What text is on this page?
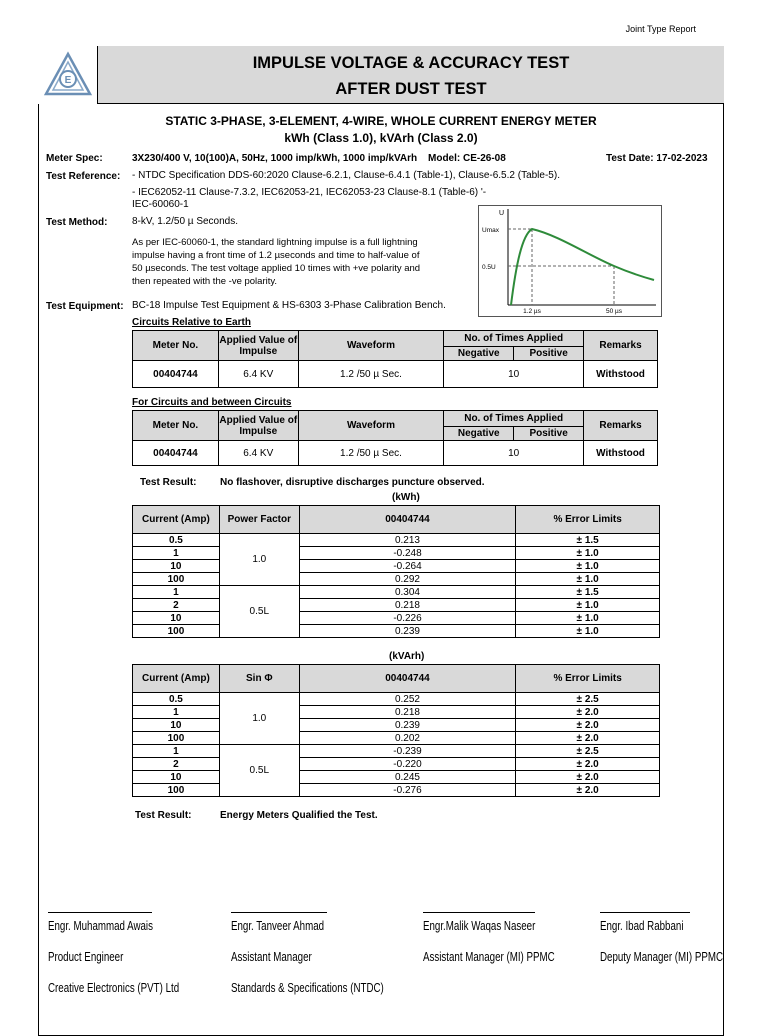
Joint Type Report
E
IMPULSE VOLTAGE & ACCURACY TEST
AFTER DUST TEST
STATIC 3-PHASE, 3-ELEMENT, 4-WIRE, WHOLE CURRENT ENERGY METER
kWh (Class 1.0), kVArh (Class 2.0)
Meter Spec:	3X230/400 V, 10(100)A, 50Hz, 1000 imp/kWh, 1000 imp/kVArh Model: CE-26-08	Test Date: 17-02-2023
Test Reference: - NTDC Specification DDS-60:2020 Clause-6.2.1, Clause-6.4.1 (Table-1), Clause-6.5.2 (Table-5).
- IEC62052-11 Clause-7.3.2, IEC62053-21, IEC62053-23 Clause-8.1 (Table-6) '-
IEC-60060-1
Test Method: 8-kV, 1.2/50 µ Seconds.
As per IEC-60060-1, the standard lightning impulse is a full lightning
impulse having a front time of 1.2 µseconds and time to half-value of
50 µseconds. The test voltage applied 10 times with +ve polarity and
then repeated with the -ve polarity.
U
Umax
0.5U
1.2 µs	50 µs
Test Equipment: BC-18 Impulse Test Equipment & HS-6303 3-Phase Calibration Bench.
Circuits Relative to Earth
Meter No.	Applied Value of Impulse	Waveform	No. of Times Applied		Remarks
			Negative	Positive	
00404744	6.4 KV	1.2 /50 µ Sec.	10		Withstood
For Circuits and between Circuits
Meter No.	Applied Value of Impulse	Waveform	No. of Times Applied		Remarks
			Negative	Positive	
00404744	6.4 KV	1.2 /50 µ Sec.	10		Withstood
Test Result: No flashover, disruptive discharges puncture observed.
(kWh)
Current (Amp)	Power Factor	00404744	% Error Limits
0.5	1.0	0.213	± 1.5
1		-0.248	± 1.0
10		-0.264	± 1.0
100		0.292	± 1.0
1	0.5L	0.304	± 1.5
2		0.218	± 1.0
10		-0.226	± 1.0
100		0.239	± 1.0
(kVArh)
Current (Amp)	Sin Φ	00404744	% Error Limits
0.5	1.0	0.252	± 2.5
1		0.218	± 2.0
10		0.239	± 2.0
100		0.202	± 2.0
1	0.5L	-0.239	± 2.5
2		-0.220	± 2.0
10		0.245	± 2.0
100		-0.276	± 2.0
Test Result:	Energy Meters Qualified the Test.
Engr. Muhammad Awais
Product Engineer
Creative Electronics (PVT) Ltd
Engr. Tanveer Ahmad
Assistant Manager
Standards & Specifications (NTDC)
Engr.Malik Waqas Naseer
Assistant Manager (MI) PPMC
Engr. Ibad Rabbani
Deputy Manager (MI) PPMC
